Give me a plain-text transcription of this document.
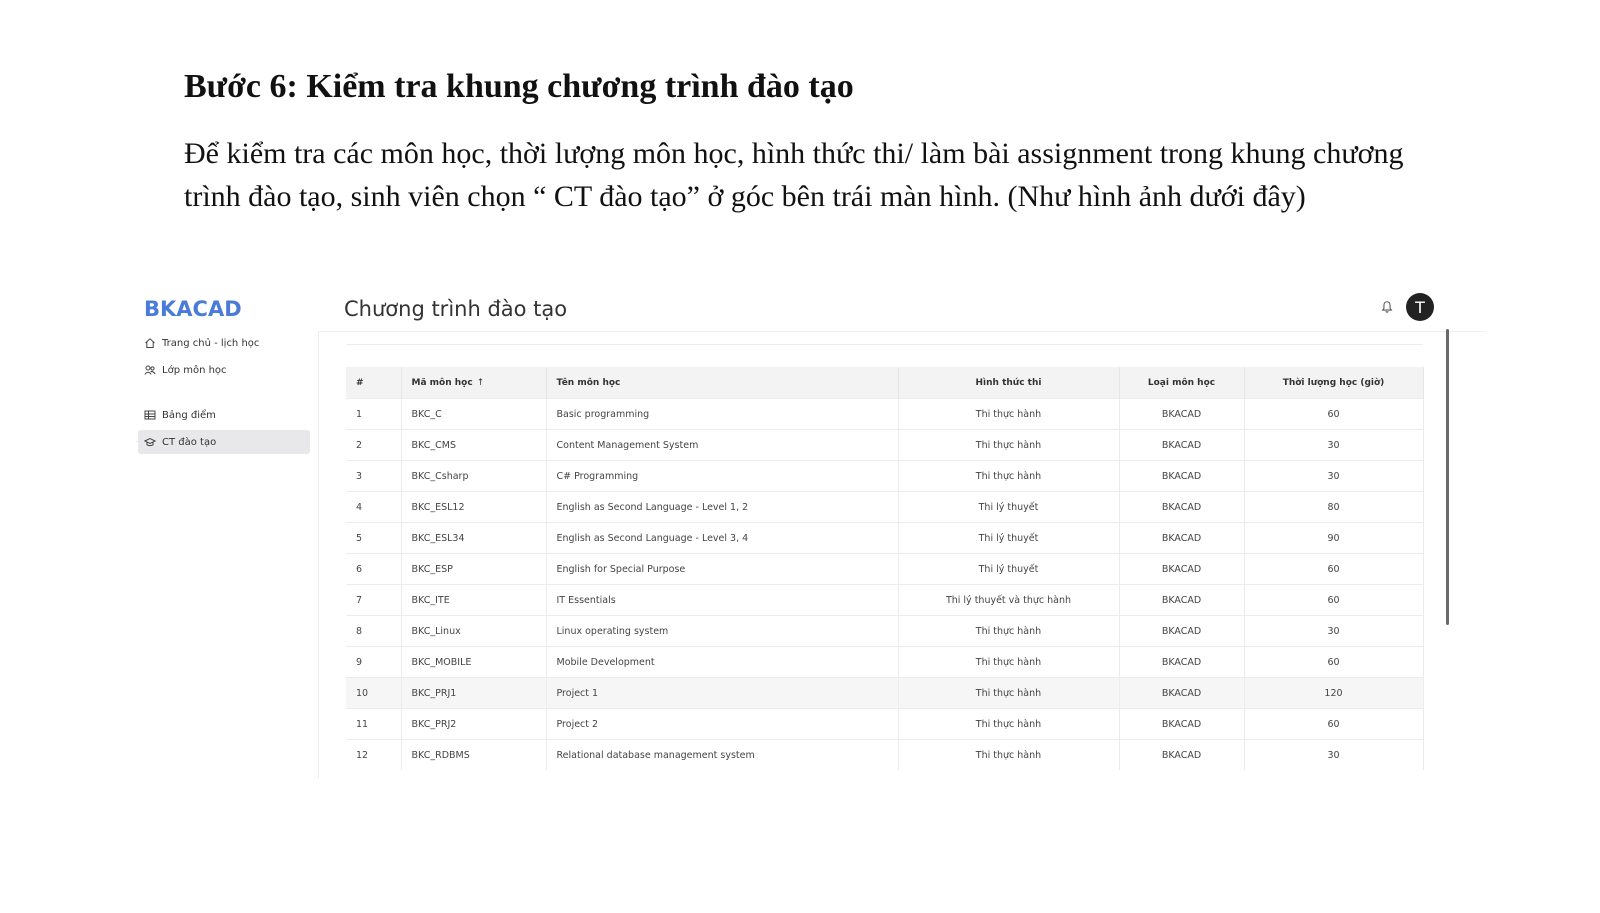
Bước 6: Kiểm tra khung chương trình đào tạo

Để kiểm tra các môn học, thời lượng môn học, hình thức thi/ làm bài assignment trong khung chương trình đào tạo, sinh viên chọn “ CT đào tạo” ở góc bên trái màn hình. (Như hình ảnh dưới đây)

BKACAD	Chương trình đào tạo	T
Trang chủ - lịch học
Lớp môn học
Bảng điểm
CT đào tạo
#	Mã môn học ↑	Tên môn học	Hình thức thi	Loại môn học	Thời lượng học (giờ)
1	BKC_C	Basic programming	Thi thực hành	BKACAD	60
2	BKC_CMS	Content Management System	Thi thực hành	BKACAD	30
3	BKC_Csharp	C# Programming	Thi thực hành	BKACAD	30
4	BKC_ESL12	English as Second Language - Level 1, 2	Thi lý thuyết	BKACAD	80
5	BKC_ESL34	English as Second Language - Level 3, 4	Thi lý thuyết	BKACAD	90
6	BKC_ESP	English for Special Purpose	Thi lý thuyết	BKACAD	60
7	BKC_ITE	IT Essentials	Thi lý thuyết và thực hành	BKACAD	60
8	BKC_Linux	Linux operating system	Thi thực hành	BKACAD	30
9	BKC_MOBILE	Mobile Development	Thi thực hành	BKACAD	60
10	BKC_PRJ1	Project 1	Thi thực hành	BKACAD	120
11	BKC_PRJ2	Project 2	Thi thực hành	BKACAD	60
12	BKC_RDBMS	Relational database management system	Thi thực hành	BKACAD	30
